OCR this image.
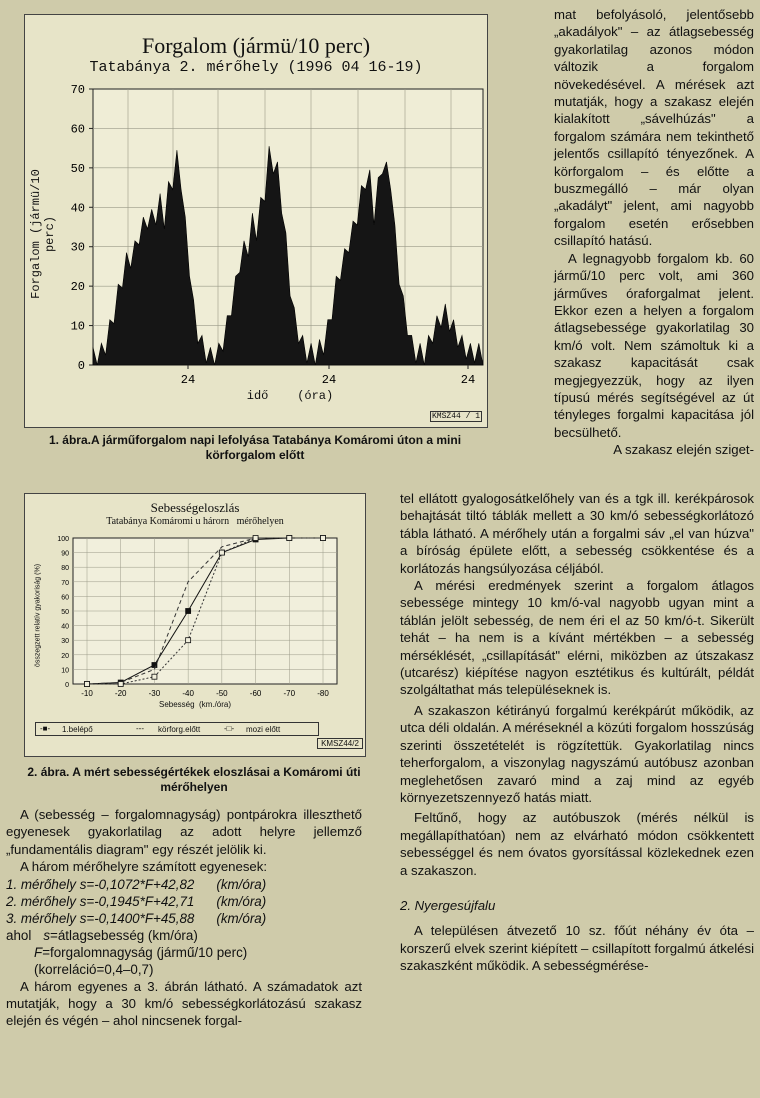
Forgalom (jármü/10 perc)
Tatabánya 2. mérőhely (1996 04 16-19)
Forgalom (jármü/10 perc)
0
10
20
30
40
50
60
70
24	24	24
idő    (óra)
KMSZ44 / 1
1. ábra.A járműforgalom napi lefolyása Tatabánya Komáromi úton a mini körforgalom előtt
Sebességeloszlás
Tatabánya Komáromi u hárorn   mérőhelyen
összegzett relatív gyakoriság (%)
0
10
20
30
40
50
60
70
80
90
100
-10	-20	-30	-40	-50	-60	-70	-80
Sebesség  (km./óra)
-■- 1.belépő	--- körforg.előtt	-□- mozi előtt
KMSZ44/2
2. ábra. A mért sebességértékek eloszlásai a Komáromi úti mérőhelyen

A (sebesség – forgalomnagyság) pontpárokra illeszthető egyenesek gyakorlatilag az adott helyre jellemző „fundamentális diagram" egy részét jelölik ki.

A három mérőhelyre számított egyenesek:

1. mérőhely s=-0,1072*F+42,82 (km/óra)

2. mérőhely s=-0,1945*F+42,71 (km/óra)

3. mérőhely s=-0,1400*F+45,88 (km/óra)

ahol s=átlagsebesség (km/óra)

F=forgalomnagyság (jármű/10 perc)

(korreláció=0,4–0,7)

A három egyenes a 3. ábrán látható. A számadatok azt mutatják, hogy a 30 km/ó sebességkorlátozású szakasz elején és végén – ahol nincsenek forgal-

mat befolyásoló, jelentősebb „akadályok" – az átlagsebesség gyakorlatilag azonos módon változik a forgalom növekedésével. A mérések azt mutatják, hogy a szakasz elején kialakított „sávelhúzás" a forgalom számára nem tekinthető jelentős csillapító tényezőnek. A körforgalom – és előtte a buszmegálló – már olyan „akadályt" jelent, ami nagyobb forgalom esetén erősebben csillapító hatású.

A legnagyobb forgalom kb. 60 jármű/10 perc volt, ami 360 járműves óraforgalmat jelent. Ekkor ezen a helyen a forgalom átlagsebessége gyakorlatilag 30 km/ó volt. Nem számoltuk ki a szakasz kapacitását csak megjegyezzük, hogy az ilyen típusú mérés segítségével az út tényleges forgalmi kapacitása jól becsülhető.

A szakasz elején sziget-

tel ellátott gyalogosátkelőhely van és a tgk ill. kerékpárosok behajtását tiltó táblák mellett a 30 km/ó sebességkorlátozó tábla látható. A mérőhely után a forgalmi sáv „el van húzva" a bíróság épülete előtt, a sebesség csökkentése és a korlátozás hangsúlyozása céljából.

A mérési eredmények szerint a forgalom átlagos sebessége mintegy 10 km/ó-val nagyobb ugyan mint a táblán jelölt sebesség, de nem éri el az 50 km/ó-t. Sikerült tehát – ha nem is a kívánt mértékben – a sebesség mérséklését, „csillapítását" elérni, miközben az útszakasz (utcarész) kiépítése nagyon esztétikus és kultúrált, példát szolgáltathat más településeknek is.

A szakaszon kétirányú forgalmú kerékpárút működik, az utca déli oldalán. A méréseknél a közúti forgalom hosszúság szerinti összetételét is rögzítettük. Gyakorlatilag nincs teherforgalom, a viszonylag nagyszámú autóbusz azonban meglehetősen zavaró mind a zaj mind az egyéb környezetszennyező hatás miatt.

Feltűnő, hogy az autóbuszok (mérés nélkül is megállapíthatóan) nem az elvárható módon csökkentett sebességgel és nem óvatos gyorsítással közlekednek ezen a szakaszon.

2. Nyergesújfalu

A településen átvezető 10 sz. főút néhány év óta – korszerű elvek szerint kiépített – csillapított forgalmú átkelési szakaszként működik. A sebességmérése-
